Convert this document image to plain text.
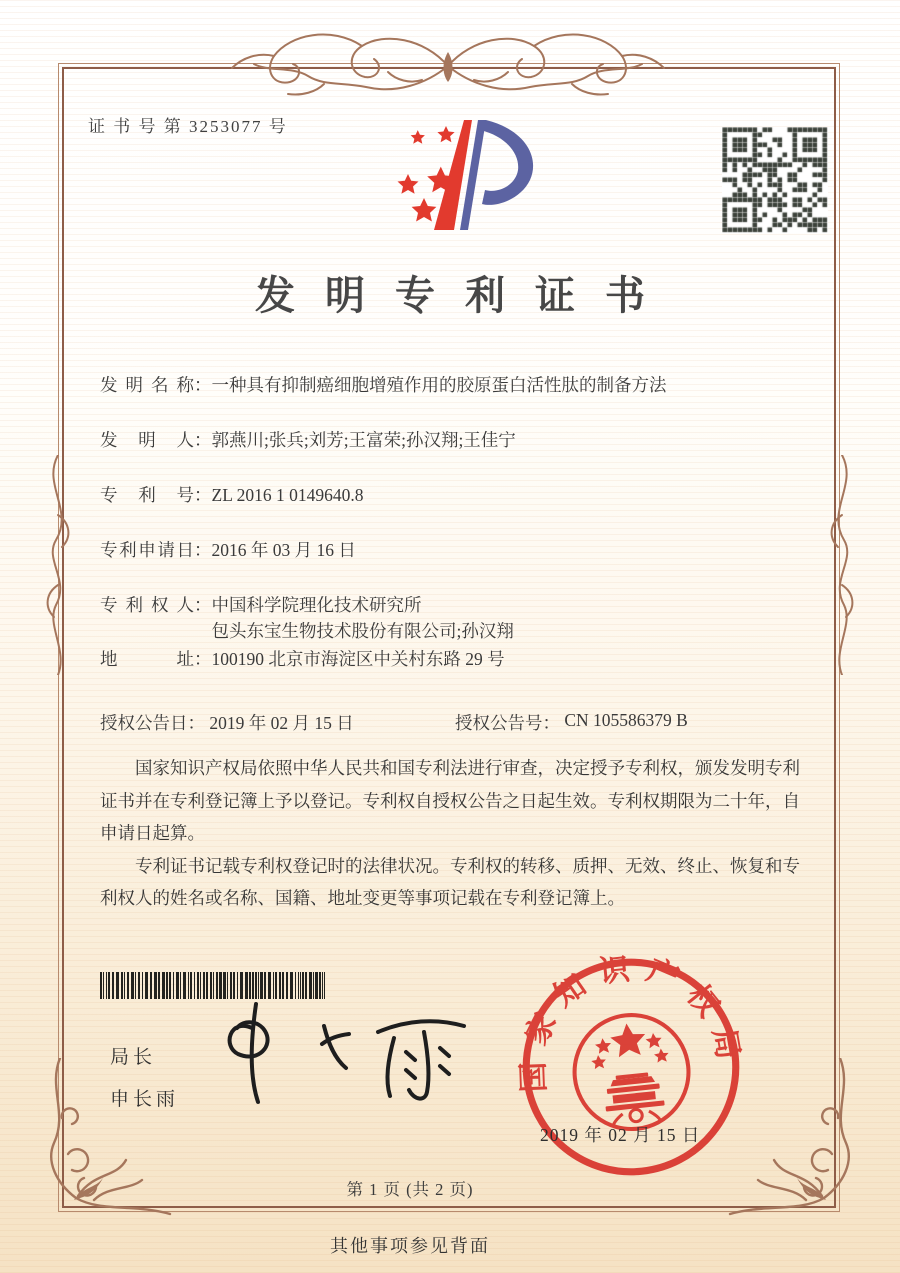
证 书 号 第 3253077 号
发明专利证书
发明名称 ： 一种具有抑制癌细胞增殖作用的胶原蛋白活性肽的制备方法
发明人 ： 郭燕川;张兵;刘芳;王富荣;孙汉翔;王佳宁
专利号 ： ZL 2016 1 0149640.8
专利申请日 ： 2016 年 03 月 16 日
专利权人 ： 中国科学院理化技术研究所
包头东宝生物技术股份有限公司;孙汉翔
地址 ： 100190 北京市海淀区中关村东路 29 号
授权公告日 ：
2019 年 02 月 15 日	授权公告号 ：
CN 105586379 B

国家知识产权局依照中华人民共和国专利法进行审查，决定授予专利权，颁发发明专利证书并在专利登记簿上予以登记。专利权自授权公告之日起生效。专利权期限为二十年，自申请日起算。

专利证书记载专利权登记时的法律状况。专利权的转移、质押、无效、终止、恢复和专利权人的姓名或名称、国籍、地址变更等事项记载在专利登记簿上。

局长
申长雨
国家知识产权局
2019 年 02 月 15 日
第 1 页 (共 2 页)
其他事项参见背面
